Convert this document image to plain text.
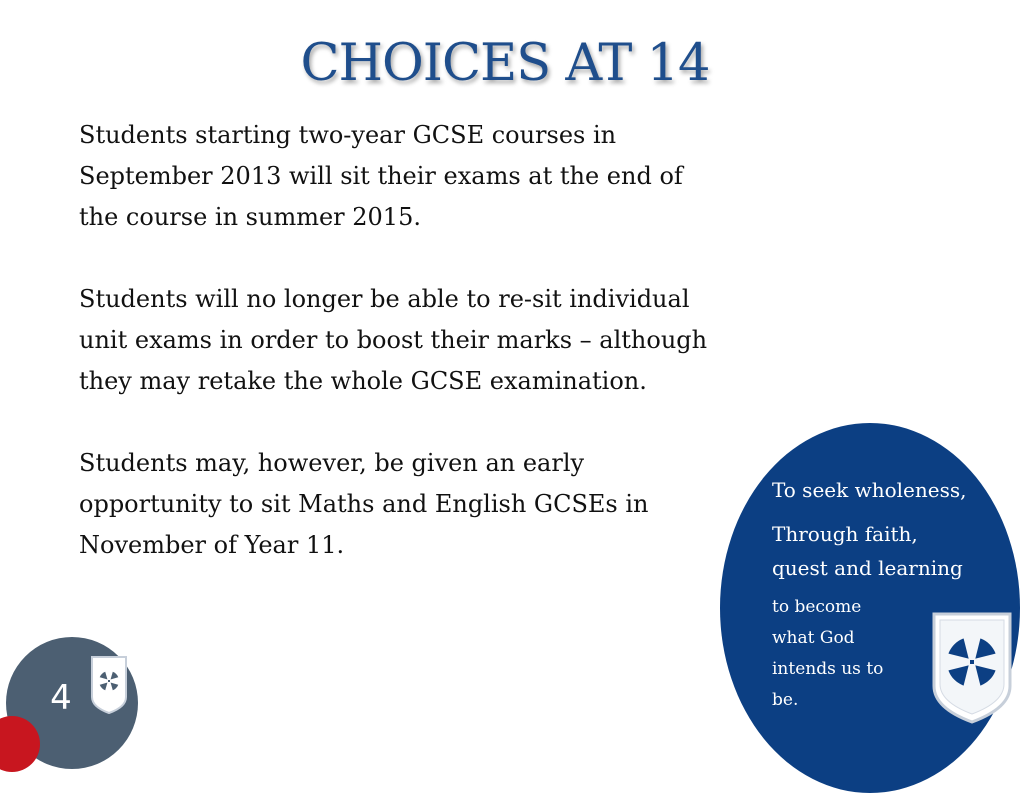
CHOICES AT 14

Students starting two-year GCSE courses in September 2013 will sit their exams at the end of the course in summer 2015.

Students will no longer be able to re-sit individual unit exams in order to boost their marks – although they may retake the whole GCSE examination.

Students may, however, be given an early opportunity to sit Maths and English GCSEs in November of Year 11.

To seek wholeness,
Through faith, quest and learning
to become what God intends us to be.
4
